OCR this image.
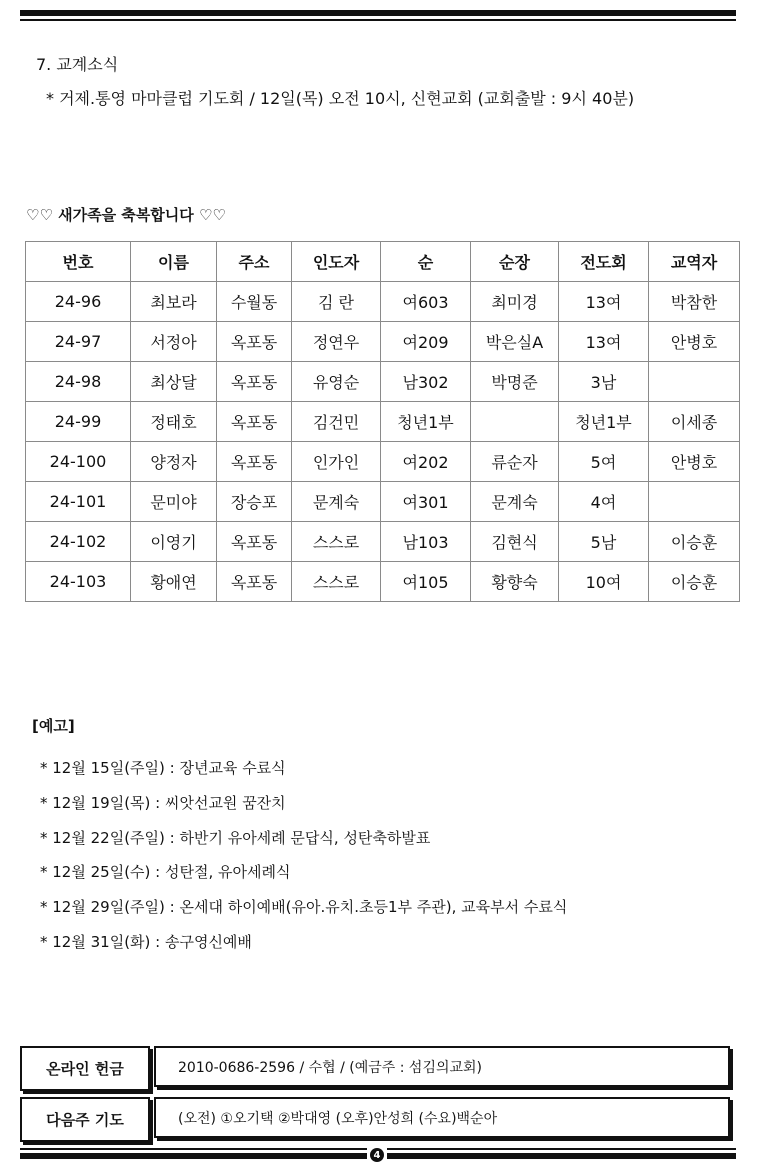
7. 교계소식
* 거제.통영 마마클럽 기도회 / 12일(목) 오전 10시, 신현교회 (교회출발 : 9시 40분)
♡♡ 새가족을 축복합니다 ♡♡
번호	이름	주소	인도자	순	순장	전도회	교역자
24-96	최보라	수월동	김 란	여603	최미경	13여	박참한
24-97	서정아	옥포동	정연우	여209	박은실A	13여	안병호
24-98	최상달	옥포동	유영순	남302	박명준	3남	
24-99	정태호	옥포동	김건민	청년1부		청년1부	이세종
24-100	양정자	옥포동	인가인	여202	류순자	5여	안병호
24-101	문미야	장승포	문계숙	여301	문계숙	4여	
24-102	이영기	옥포동	스스로	남103	김현식	5남	이승훈
24-103	황애연	옥포동	스스로	여105	황향숙	10여	이승훈
[예고]
* 12월 15일(주일) : 장년교육 수료식
* 12월 19일(목) : 씨앗선교원 꿈잔치
* 12월 22일(주일) : 하반기 유아세례 문답식, 성탄축하발표
* 12월 25일(수) : 성탄절, 유아세례식
* 12월 29일(주일) : 온세대 하이예배(유아.유치.초등1부 주관), 교육부서 수료식
* 12월 31일(화) : 송구영신예배
온라인 헌금	2010-0686-2596 / 수협 / (예금주 : 섬김의교회)
다음주 기도	(오전) ①오기택 ②박대영 (오후)안성희 (수요)백순아
4
